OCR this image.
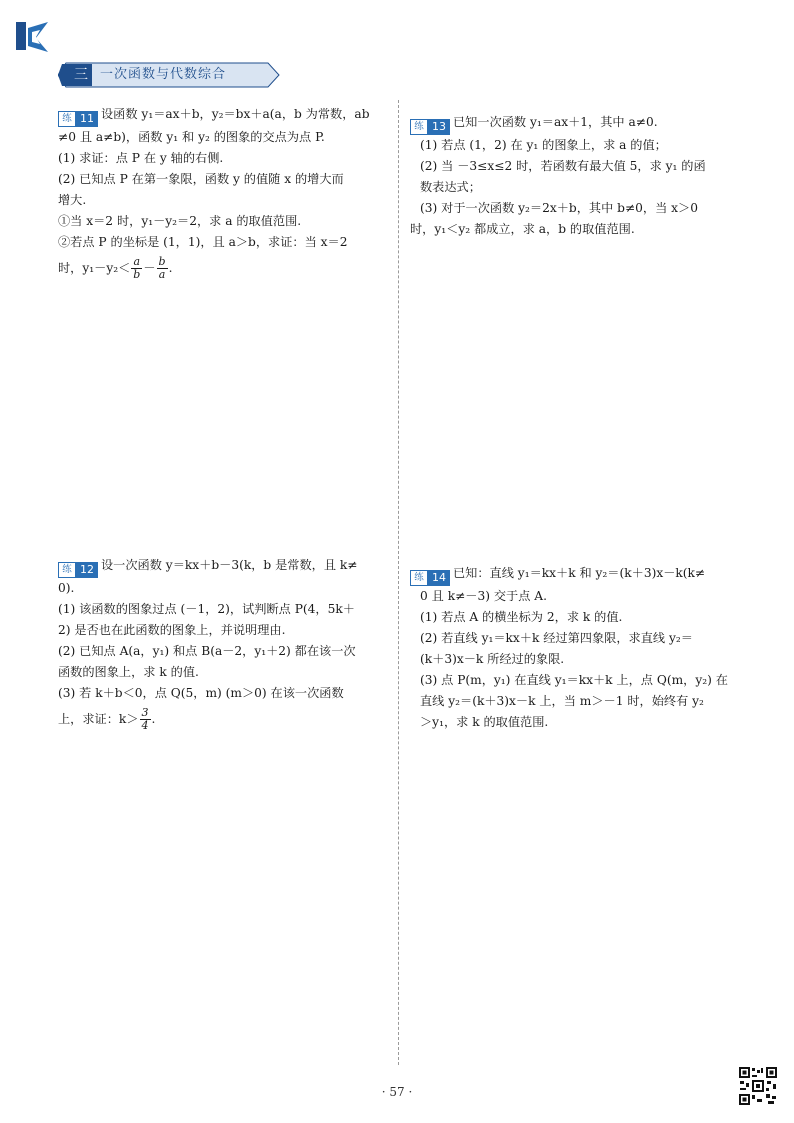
三 一次函数与代数综合
练 11 设函数 y₁＝ax＋b，y₂＝bx＋a(a，b 为常数，ab
≠0 且 a≠b)，函数 y₁ 和 y₂ 的图象的交点为点 P.
(1) 求证：点 P 在 y 轴的右侧.
(2) 已知点 P 在第一象限，函数 y 的值随 x 的增大而
增大.
①当 x＝2 时，y₁－y₂＝2，求 a 的取值范围.
②若点 P 的坐标是 (1，1)，且 a＞b，求证：当 x＝2
时，$y_1-y_2< \frac{a}{b} - \frac{b}{a}$ .
练 12 设一次函数 y＝kx＋b－3(k，b 是常数，且 k≠
0).
(1) 该函数的图象过点 (－1，2)，试判断点 P(4，5k＋
2) 是否也在此函数的图象上，并说明理由.
(2) 已知点 A(a，y₁) 和点 B(a－2，y₁＋2) 都在该一次
函数的图象上，求 k 的值.
(3) 若 k＋b＜0，点 Q(5，m) (m＞0) 在该一次函数
上，求证：$k> \frac{3}{4}$ .
练 13 已知一次函数 y₁＝ax＋1，其中 a≠0.
(1) 若点 (1，2) 在 y₁ 的图象上，求 a 的值；
(2) 当 －3≤x≤2 时，若函数有最大值 5，求 y₁ 的函
数表达式；
(3) 对于一次函数 y₂＝2x＋b，其中 b≠0，当 x＞0
时，y₁＜y₂ 都成立，求 a，b 的取值范围.
练 14 已知：直线 y₁＝kx＋k 和 y₂＝(k＋3)x－k(k≠
0 且 k≠－3) 交于点 A.
(1) 若点 A 的横坐标为 2，求 k 的值.
(2) 若直线 y₁＝kx＋k 经过第四象限，求直线 y₂＝
(k＋3)x－k 所经过的象限.
(3) 点 P(m，y₁) 在直线 y₁＝kx＋k 上，点 Q(m，y₂) 在
直线 y₂＝(k＋3)x－k 上，当 m＞－1 时，始终有 y₂
＞y₁，求 k 的取值范围.
· 57 ·
